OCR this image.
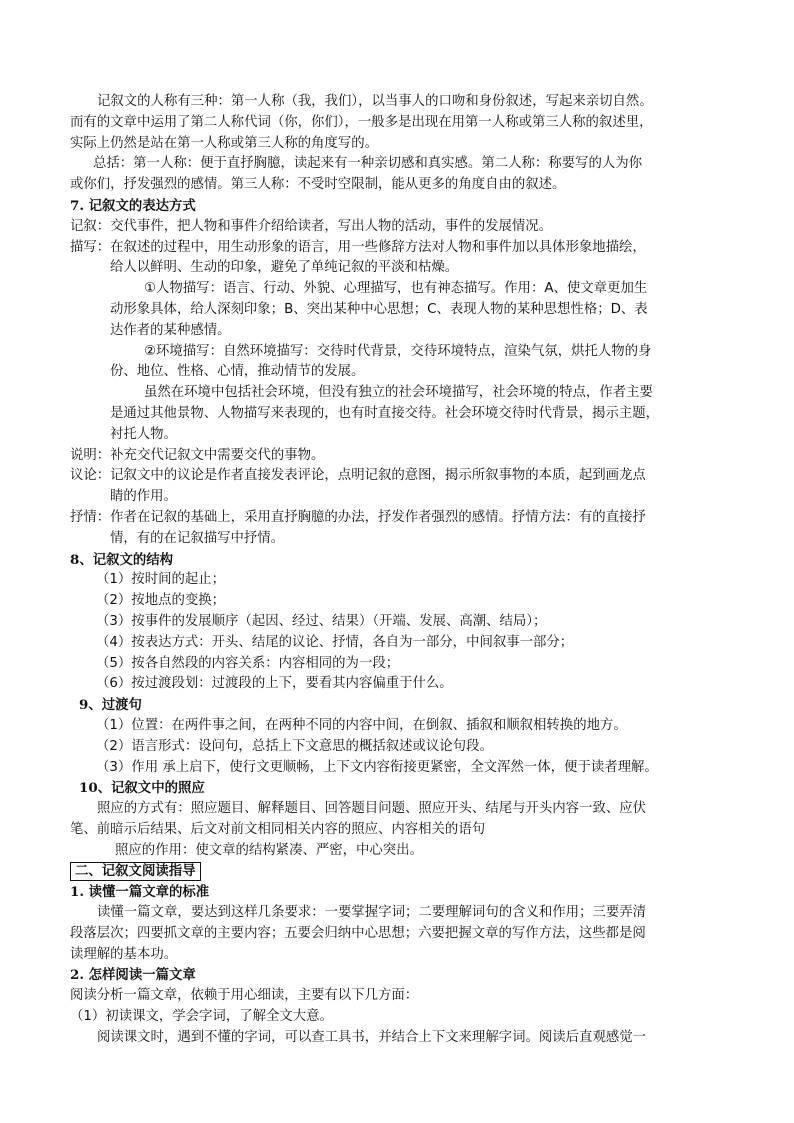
记叙文的人称有三种：第一人称（我，我们），以当事人的口吻和身份叙述，写起来亲切自然。
而有的文章中运用了第二人称代词（你，你们），一般多是出现在用第一人称或第三人称的叙述里，
实际上仍然是站在第一人称或第三人称的角度写的。
总括：第一人称：便于直抒胸臆，读起来有一种亲切感和真实感。第二人称：称要写的人为你
或你们，抒发强烈的感情。第三人称：不受时空限制，能从更多的角度自由的叙述。
7. 记叙文的表达方式
记叙：交代事件，把人物和事件介绍给读者，写出人物的活动，事件的发展情况。
描写：在叙述的过程中，用生动形象的语言，用一些修辞方法对人物和事件加以具体形象地描绘，
给人以鲜明、生动的印象，避免了单纯记叙的平淡和枯燥。
①人物描写：语言、行动、外貌、心理描写，也有神态描写。作用：A、使文章更加生
动形象具体，给人深刻印象；B、突出某种中心思想；C、表现人物的某种思想性格；D、表
达作者的某种感情。
②环境描写：自然环境描写：交待时代背景，交待环境特点，渲染气氛，烘托人物的身
份、地位、性格、心情，推动情节的发展。
虽然在环境中包括社会环境，但没有独立的社会环境描写，社会环境的特点，作者主要
是通过其他景物、人物描写来表现的，也有时直接交待。社会环境交待时代背景，揭示主题，
衬托人物。
说明：补充交代记叙文中需要交代的事物。
议论：记叙文中的议论是作者直接发表评论，点明记叙的意图，揭示所叙事物的本质，起到画龙点
睛的作用。
抒情：作者在记叙的基础上，采用直抒胸臆的办法，抒发作者强烈的感情。抒情方法：有的直接抒
情，有的在记叙描写中抒情。
8、记叙文的结构
（1）按时间的起止；
（2）按地点的变换；
（3）按事件的发展顺序（起因、经过、结果）（开端、发展、高潮、结局）；
（4）按表达方式：开头、结尾的议论、抒情，各自为一部分，中间叙事一部分；
（5）按各自然段的内容关系：内容相同的为一段；
（6）按过渡段划：过渡段的上下，要看其内容偏重于什么。
9、过渡句
（1）位置：在两件事之间，在两种不同的内容中间，在倒叙、插叙和顺叙相转换的地方。
（2）语言形式：设问句，总括上下文意思的概括叙述或议论句段。
（3）作用 承上启下，使行文更顺畅，上下文内容衔接更紧密，全文浑然一体，便于读者理解。
10、记叙文中的照应
照应的方式有：照应题目、解释题目、回答题目问题、照应开头、结尾与开头内容一致、应伏
笔、前暗示后结果、后文对前文相同相关内容的照应、内容相关的语句
照应的作用：使文章的结构紧凑、严密，中心突出。
二、记叙文阅读指导
1. 读懂一篇文章的标准
读懂一篇文章，要达到这样几条要求：一要掌握字词；二要理解词句的含义和作用；三要弄清
段落层次；四要抓文章的主要内容；五要会归纳中心思想；六要把握文章的写作方法，这些都是阅
读理解的基本功。
2. 怎样阅读一篇文章
阅读分析一篇文章，依赖于用心细读，主要有以下几方面：
（1）初读课文，学会字词，了解全文大意。
阅读课文时，遇到不懂的字词，可以查工具书，并结合上下文来理解字词。阅读后直观感觉一
